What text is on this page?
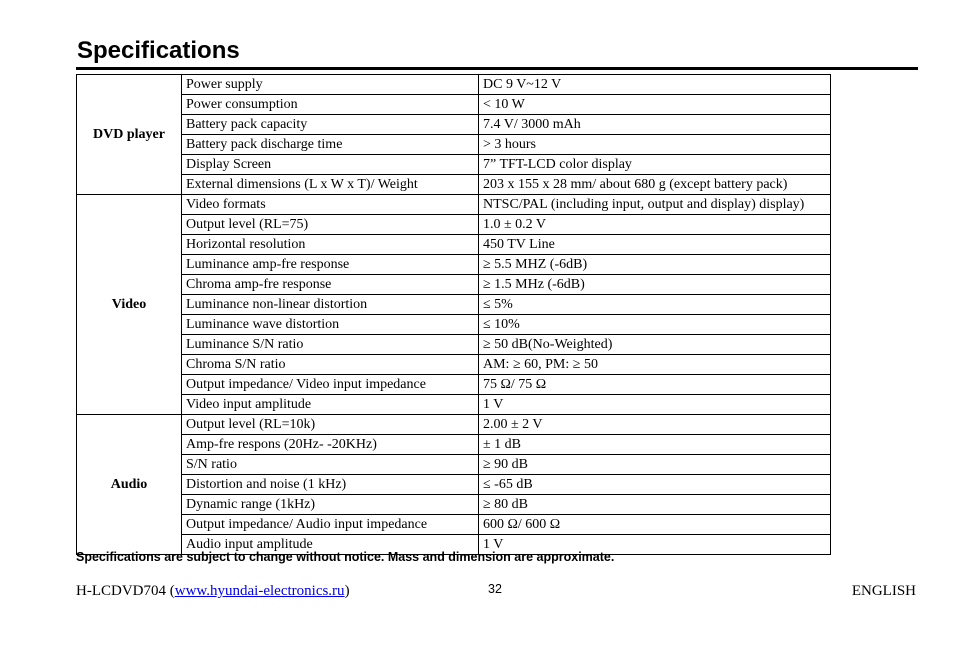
Specifications
DVD player	Power supply	DC 9 V~12 V
	Power consumption	< 10 W
	Battery pack capacity	7.4 V/ 3000 mAh
	Battery pack discharge time	> 3 hours
	Display Screen	7” TFT-LCD color display
	External dimensions (L x W x T)/ Weight	203 x 155 x 28 mm/ about 680 g (except battery pack)
Video	Video formats	NTSC/PAL (including input, output and display) display)
	Output level (RL=75)	1.0 ± 0.2 V
	Horizontal resolution	450 TV Line
	Luminance amp-fre response	≥ 5.5 MHZ (-6dB)
	Chroma amp-fre response	≥ 1.5 MHz (-6dB)
	Luminance non-linear distortion	≤ 5%
	Luminance wave distortion	≤ 10%
	Luminance S/N ratio	≥ 50 dB(No-Weighted)
	Chroma S/N ratio	AM: ≥ 60, PM: ≥ 50
	Output impedance/ Video input impedance	75 Ω/ 75 Ω
	Video input amplitude	1 V
Audio	Output level (RL=10k)	2.00 ± 2 V
	Amp-fre respons (20Hz- -20KHz)	± 1 dB
	S/N ratio	≥ 90 dB
	Distortion and noise (1 kHz)	≤ -65 dB
	Dynamic range (1kHz)	≥ 80 dB
	Output impedance/ Audio input impedance	600 Ω/ 600 Ω
	Audio input amplitude	1 V
Specifications are subject to change without notice. Mass and dimension are approximate.
H-LCDVD704 (www.hyundai-electronics.ru)	32	ENGLISH
